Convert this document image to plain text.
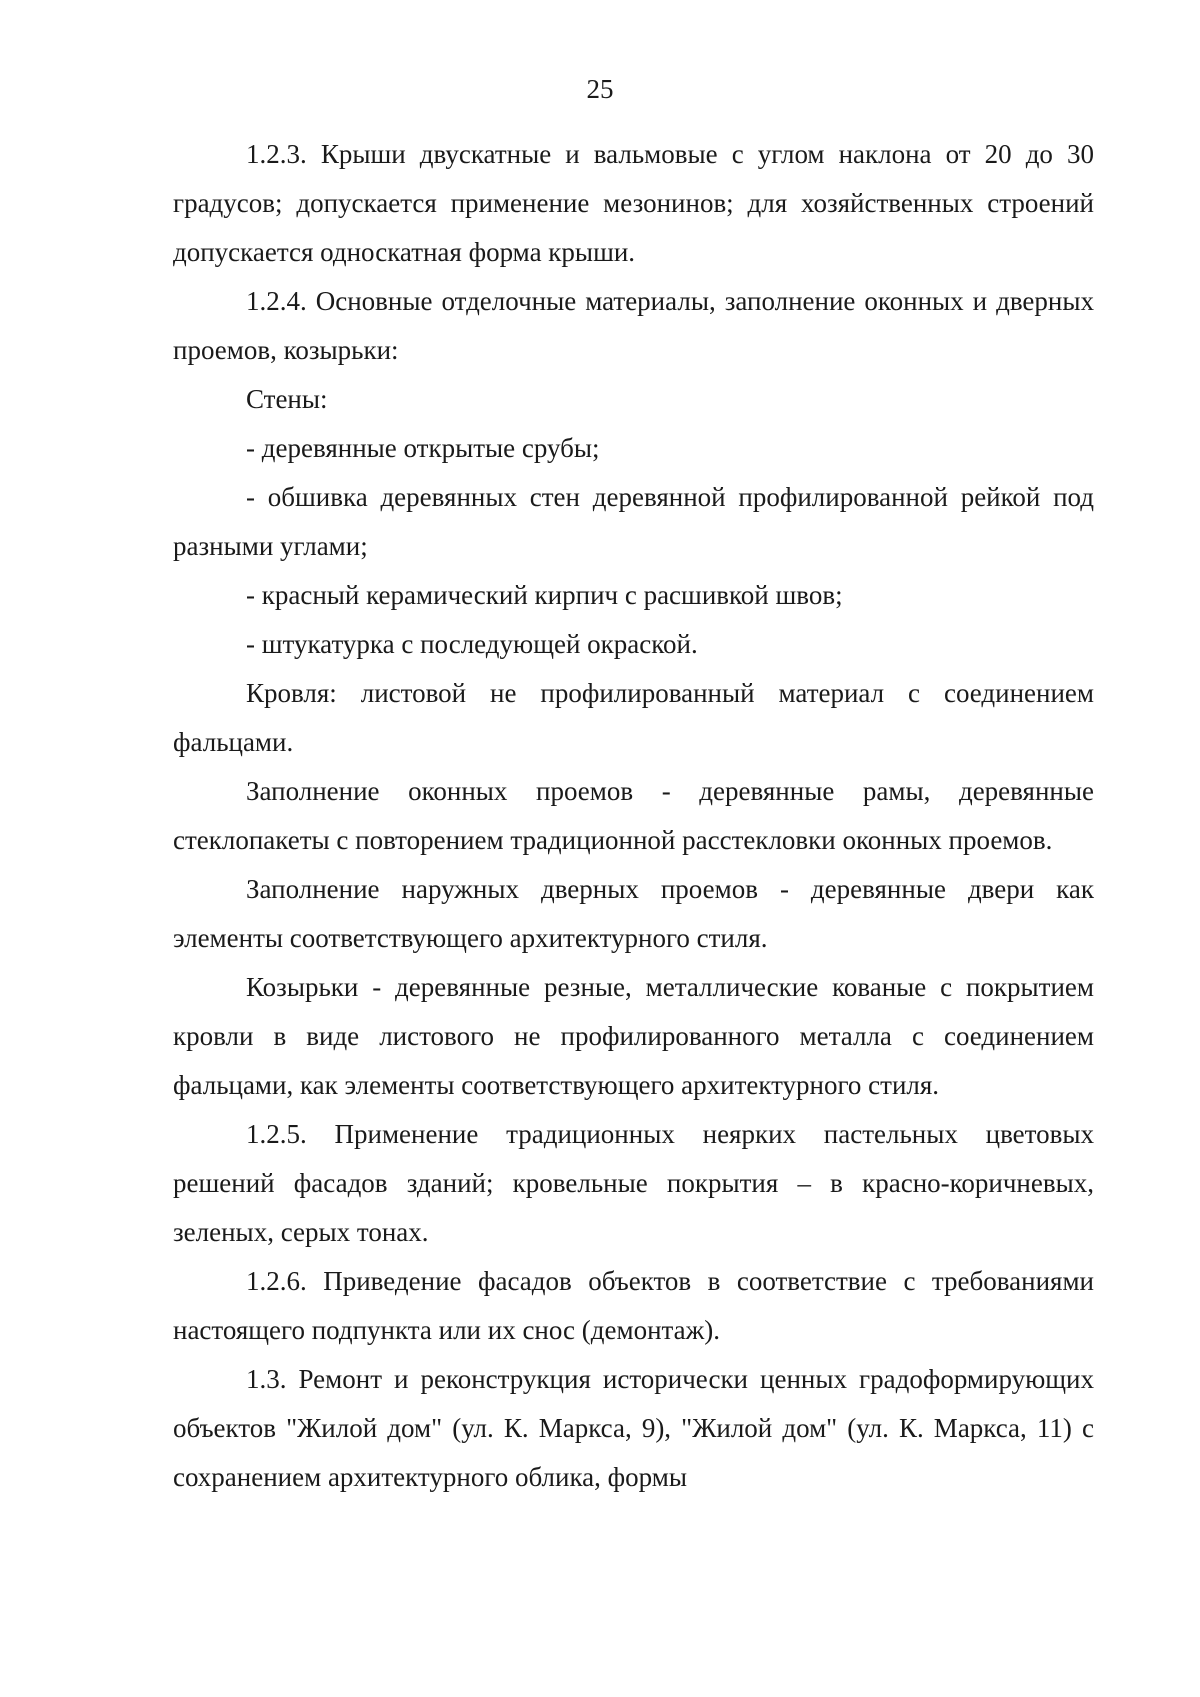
25

1.2.3. Крыши двускатные и вальмовые с углом наклона от 20 до 30 градусов; допускается применение мезонинов; для хозяйственных строений допускается односкатная форма крыши.

1.2.4. Основные отделочные материалы, заполнение оконных и дверных проемов, козырьки:

Стены:

- деревянные открытые срубы;

- обшивка деревянных стен деревянной профилированной рейкой под разными углами;

- красный керамический кирпич с расшивкой швов;

- штукатурка с последующей окраской.

Кровля: листовой не профилированный материал с соединением фальцами.

Заполнение оконных проемов - деревянные рамы, деревянные стеклопакеты с повторением традиционной расстекловки оконных проемов.

Заполнение наружных дверных проемов - деревянные двери как элементы соответствующего архитектурного стиля.

Козырьки - деревянные резные, металлические кованые с покрытием кровли в виде листового не профилированного металла с соединением фальцами, как элементы соответствующего архитектурного стиля.

1.2.5. Применение традиционных неярких пастельных цветовых решений фасадов зданий; кровельные покрытия – в красно-коричневых, зеленых, серых тонах.

1.2.6. Приведение фасадов объектов в соответствие с требованиями настоящего подпункта или их снос (демонтаж).

1.3. Ремонт и реконструкция исторически ценных градоформирующих объектов "Жилой дом" (ул. К. Маркса, 9), "Жилой дом" (ул. К. Маркса, 11) с сохранением архитектурного облика, формы
